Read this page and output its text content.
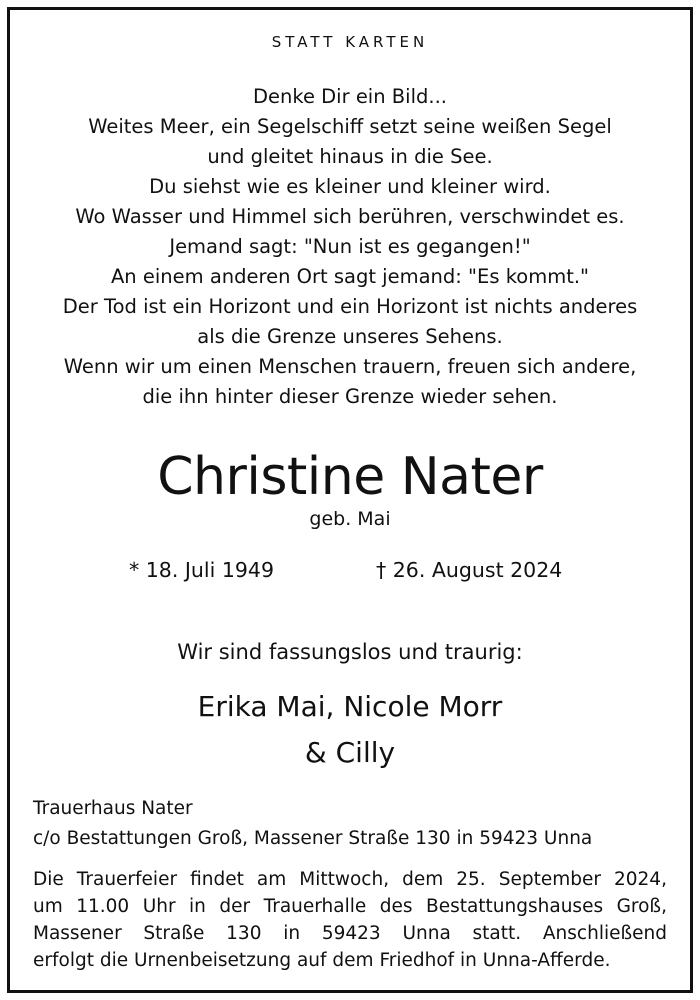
STATT KARTEN
Denke Dir ein Bild...
Weites Meer, ein Segelschiff setzt seine weißen Segel
und gleitet hinaus in die See.
Du siehst wie es kleiner und kleiner wird.
Wo Wasser und Himmel sich berühren, verschwindet es.
Jemand sagt: "Nun ist es gegangen!"
An einem anderen Ort sagt jemand: "Es kommt."
Der Tod ist ein Horizont und ein Horizont ist nichts anderes
als die Grenze unseres Sehens.
Wenn wir um einen Menschen trauern, freuen sich andere,
die ihn hinter dieser Grenze wieder sehen.
Christine Nater
geb. Mai
* 18. Juli 1949	† 26. August 2024
Wir sind fassungslos und traurig:
Erika Mai, Nicole Morr
& Cilly
Trauerhaus Nater
c/o Bestattungen Groß, Massener Straße 130 in 59423 Unna
Die Trauerfeier findet am Mittwoch, dem 25. September 2024,
um 11.00 Uhr in der Trauerhalle des Bestattungshauses Groß,
Massener Straße 130 in 59423 Unna statt. Anschließend
erfolgt die Urnenbeisetzung auf dem Friedhof in Unna-Afferde.
